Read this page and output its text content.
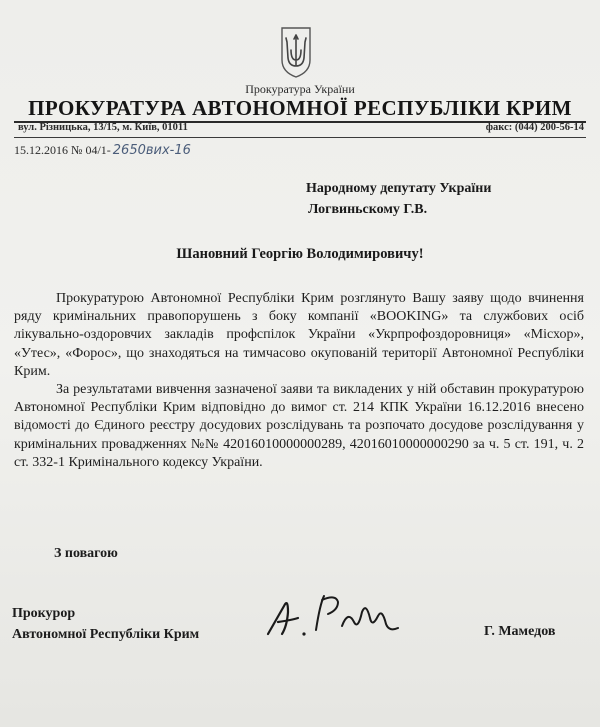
Прокуратура України
ПРОКУРАТУРА АВТОНОМНОЇ РЕСПУБЛІКИ КРИМ
вул. Різницька, 13/15, м. Київ, 01011	факс: (044) 200-56-14
15.12.2016 № 04/1- 2650вих-16
Народному депутату України
Логвиньскому Г.В.
Шановний Георгію Володимировичу!

Прокуратурою Автономної Республіки Крим розглянуто Вашу заяву щодо вчинення ряду кримінальних правопорушень з боку компанії «BOOKING» та службових осіб лікувально-оздоровчих закладів профспілок України «Укрпрофоздоровниця» «Місхор», «Утес», «Форос», що знаходяться на тимчасово окупованій території Автономної Республіки Крим.

За результатами вивчення зазначеної заяви та викладених у ній обставин прокуратурою Автономної Республіки Крим відповідно до вимог ст. 214 КПК України 16.12.2016 внесено відомості до Єдиного реєстру досудових розслідувань та розпочато досудове розслідування у кримінальних провадженнях №№ 42016010000000289, 42016010000000290 за ч. 5 ст. 191, ч. 2 ст. 332-1 Кримінального кодексу України.

З повагою
Прокурор
Автономної Республіки Крим	Г. Мамедов
